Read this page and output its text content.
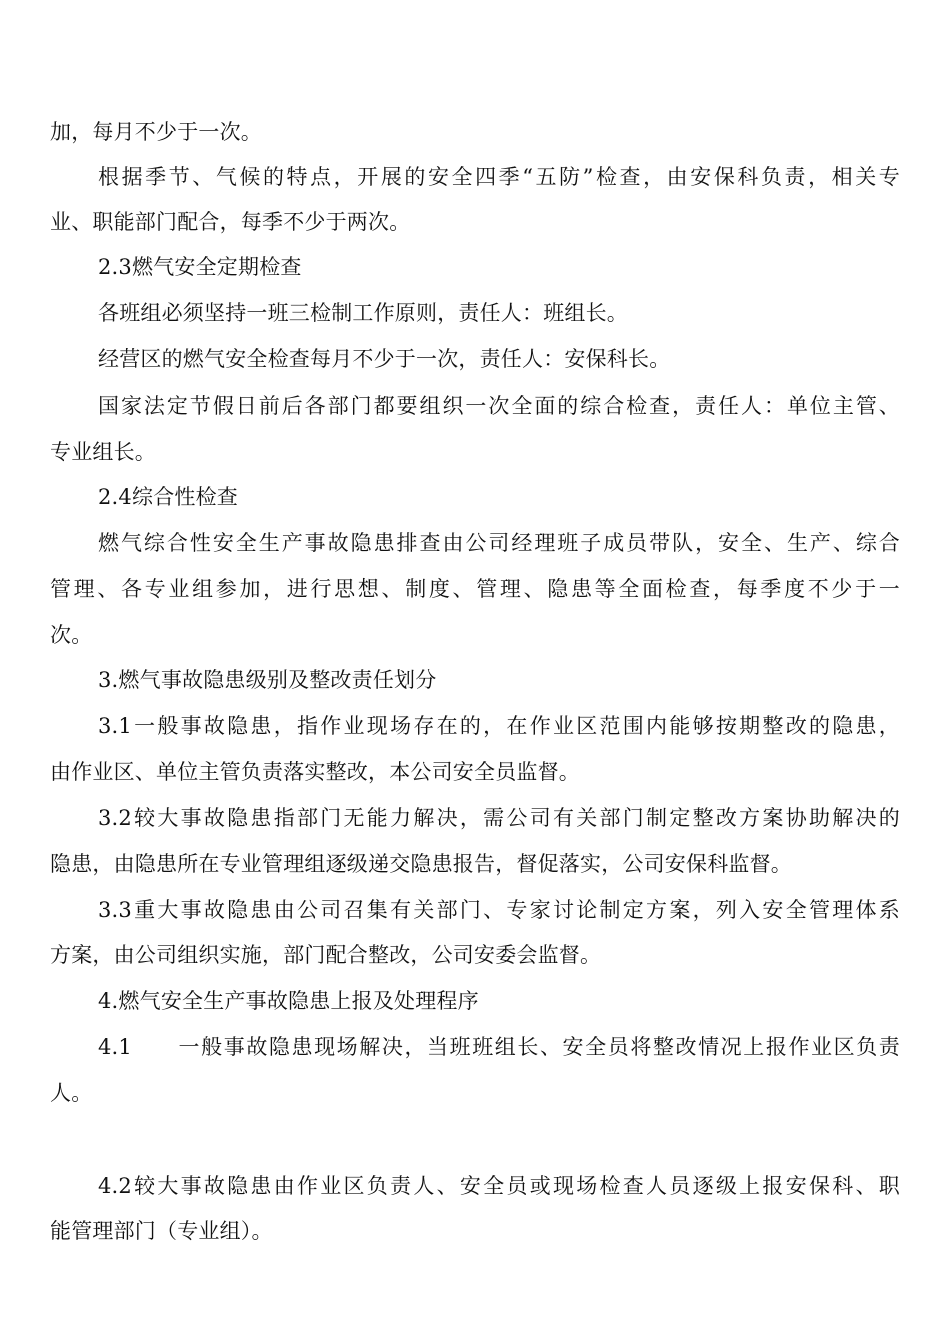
加，每月不少于一次。
根据季节、气候的特点，开展的安全四季“五防”检查，由安保科负责，相关专
业、职能部门配合，每季不少于两次。
2.3燃气安全定期检查
各班组必须坚持一班三检制工作原则，责任人：班组长。
经营区的燃气安全检查每月不少于一次，责任人：安保科长。
国家法定节假日前后各部门都要组织一次全面的综合检查，责任人：单位主管、
专业组长。
2.4综合性检查
燃气综合性安全生产事故隐患排查由公司经理班子成员带队，安全、生产、综合
管理、各专业组参加，进行思想、制度、管理、隐患等全面检查，每季度不少于一
次。
3.燃气事故隐患级别及整改责任划分
3.1一般事故隐患，指作业现场存在的，在作业区范围内能够按期整改的隐患，
由作业区、单位主管负责落实整改，本公司安全员监督。
3.2较大事故隐患指部门无能力解决，需公司有关部门制定整改方案协助解决的
隐患，由隐患所在专业管理组逐级递交隐患报告，督促落实，公司安保科监督。
3.3重大事故隐患由公司召集有关部门、专家讨论制定方案，列入安全管理体系
方案，由公司组织实施，部门配合整改，公司安委会监督。
4.燃气安全生产事故隐患上报及处理程序
4.1　　一般事故隐患现场解决，当班班组长、安全员将整改情况上报作业区负责
人。
4.2较大事故隐患由作业区负责人、安全员或现场检查人员逐级上报安保科、职
能管理部门（专业组）。
